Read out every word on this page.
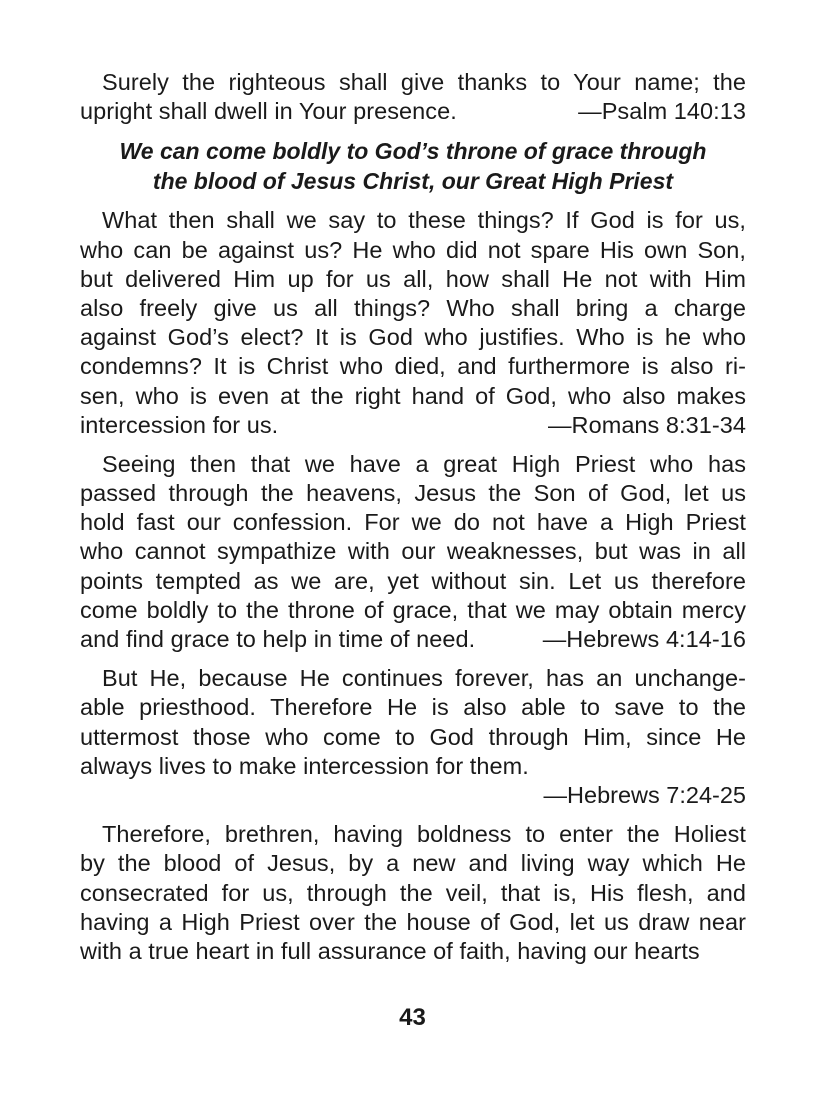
Surely the righteous shall give thanks to Your name; the
upright shall dwell in Your presence.	—Psalm 140:13
We can come boldly to God’s throne of grace through
the blood of Jesus Christ, our Great High Priest
What then shall we say to these things? If God is for us,
who can be against us? He who did not spare His own Son,
but delivered Him up for us all, how shall He not with Him
also freely give us all things? Who shall bring a charge
against God’s elect? It is God who justifies. Who is he who
condemns? It is Christ who died, and furthermore is also ri-
sen, who is even at the right hand of God, who also makes
intercession for us.	—Romans 8:31-34
Seeing then that we have a great High Priest who has
passed through the heavens, Jesus the Son of God, let us
hold fast our confession. For we do not have a High Priest
who cannot sympathize with our weaknesses, but was in all
points tempted as we are, yet without sin. Let us therefore
come boldly to the throne of grace, that we may obtain mercy
and find grace to help in time of need.	—Hebrews 4:14-16
But He, because He continues forever, has an unchange-
able priesthood. Therefore He is also able to save to the
uttermost those who come to God through Him, since He
always lives to make intercession for them.
—Hebrews 7:24-25
Therefore, brethren, having boldness to enter the Holiest
by the blood of Jesus, by a new and living way which He
consecrated for us, through the veil, that is, His flesh, and
having a High Priest over the house of God, let us draw near
with a true heart in full assurance of faith, having our hearts
43
